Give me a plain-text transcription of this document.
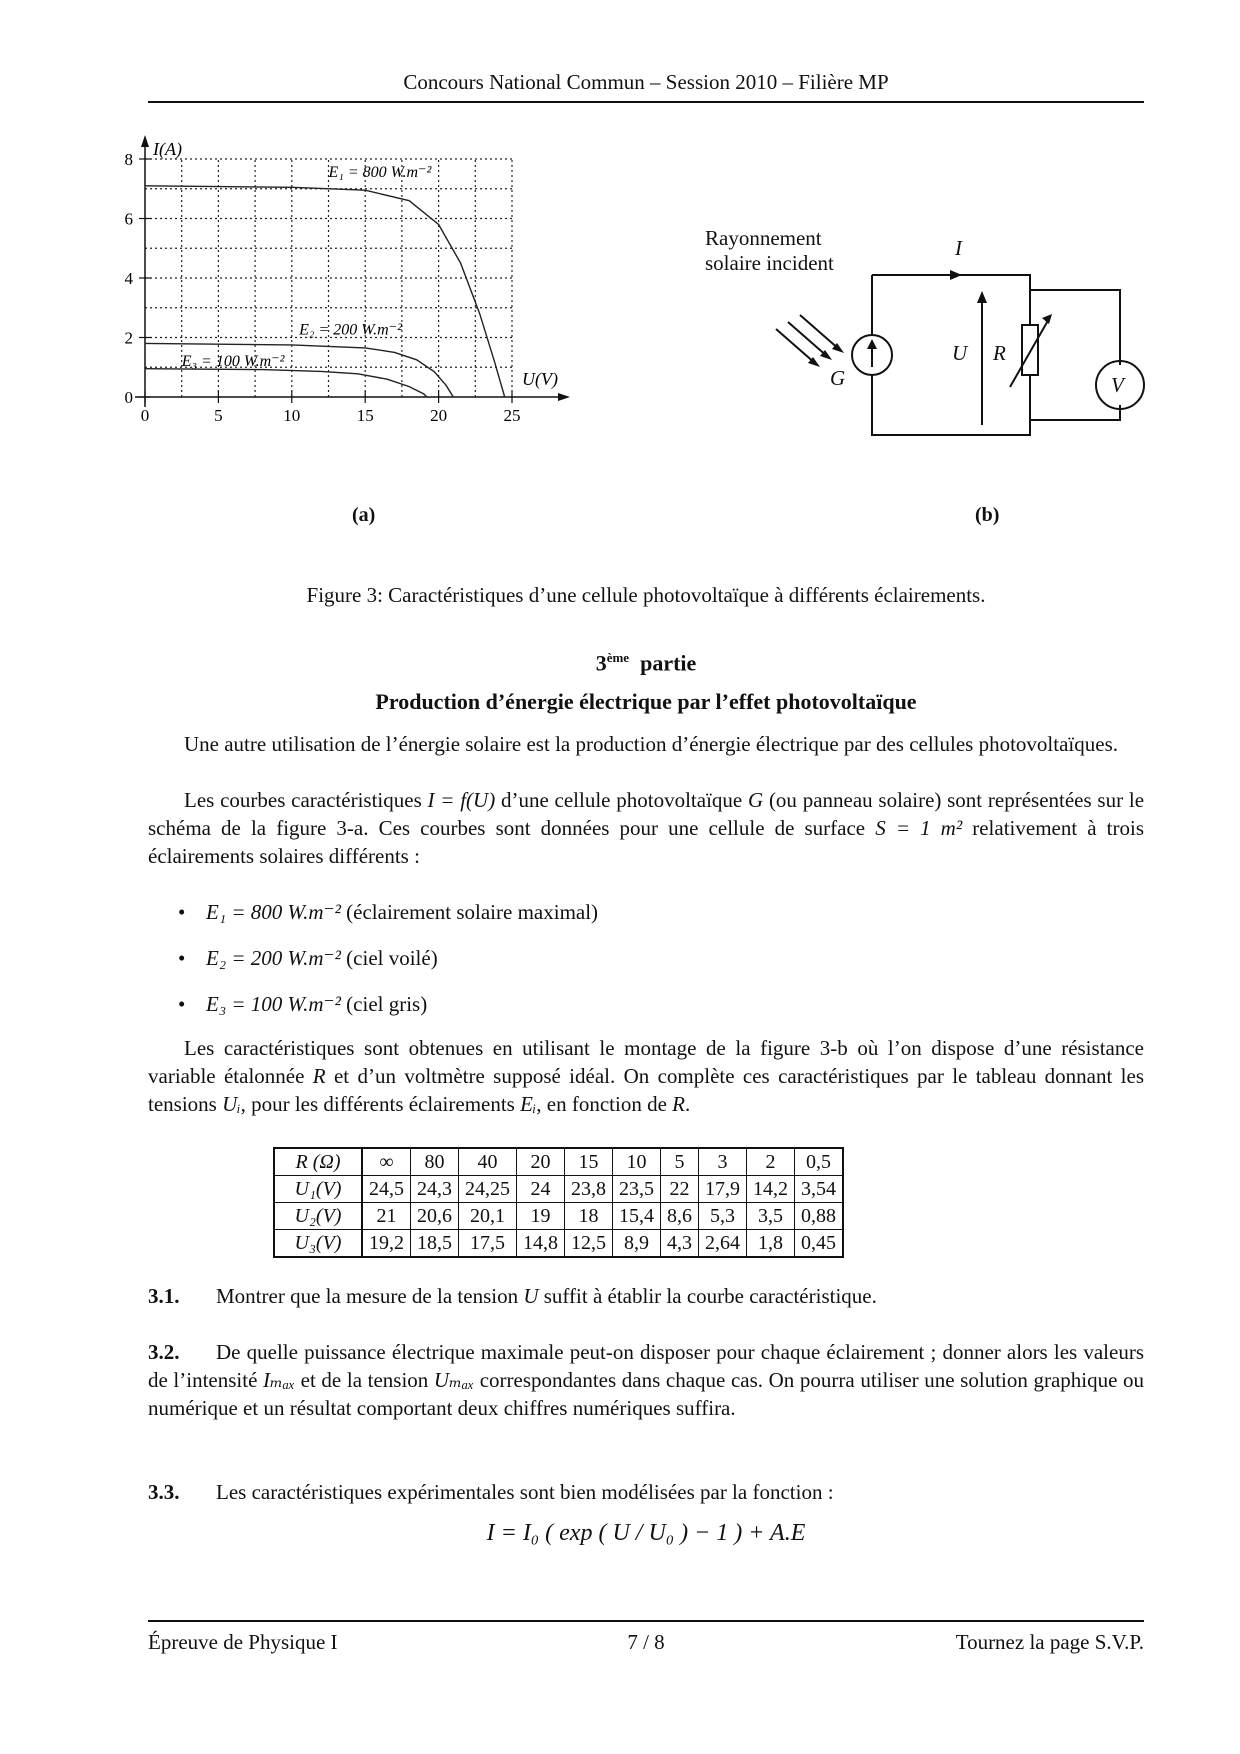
Concours National Commun – Session 2010 – Filière MP
0	5	10	15	20	25
0
2
4
6
8
U(V)
I(A)
E₁ = 800 W.m⁻²
E₂ = 200 W.m⁻²
E₃ = 100 W.m⁻²
(a)
Rayonnement
solaire incident
I
U R
V
G
(b)
Figure 3: Caractéristiques d’une cellule photovoltaïque à différents éclairements.
3ème partie
Production d’énergie électrique par l’effet photovoltaïque

Une autre utilisation de l’énergie solaire est la production d’énergie électrique par des cellules photovoltaïques.

Les courbes caractéristiques I = f(U) d’une cellule photovoltaïque G (ou panneau solaire) sont représentées sur le schéma de la figure 3-a. Ces courbes sont données pour une cellule de surface S = 1 m² relativement à trois éclairements solaires différents :

• E₁ = 800 W.m⁻² (éclairement solaire maximal)
• E₂ = 200 W.m⁻² (ciel voilé)
• E₃ = 100 W.m⁻² (ciel gris)

Les caractéristiques sont obtenues en utilisant le montage de la figure 3-b où l’on dispose d’une résistance variable étalonnée R et d’un voltmètre supposé idéal. On complète ces caractéristiques par le tableau donnant les tensions Uᵢ, pour les différents éclairements Eᵢ, en fonction de R.

R (Ω)	∞	80	40	20	15	10	5	3	2	0,5
U₁(V)	24,5	24,3	24,25	24	23,8	23,5	22	17,9	14,2	3,54
U₂(V)	21	20,6	20,1	19	18	15,4	8,6	5,3	3,5	0,88
U₃(V)	19,2	18,5	17,5	14,8	12,5	8,9	4,3	2,64	1,8	0,45

3.1. Montrer que la mesure de la tension U suffit à établir la courbe caractéristique.

3.2. De quelle puissance électrique maximale peut-on disposer pour chaque éclairement ; donner alors les valeurs de l’intensité Iₘₐₓ et de la tension Uₘₐₓ correspondantes dans chaque cas. On pourra utiliser une solution graphique ou numérique et un résultat comportant deux chiffres numériques suffira.

3.3. Les caractéristiques expérimentales sont bien modélisées par la fonction :

I = I₀ ( exp ( U / U₀ ) − 1 ) + A.E
Épreuve de Physique I	7 / 8	Tournez la page S.V.P.
